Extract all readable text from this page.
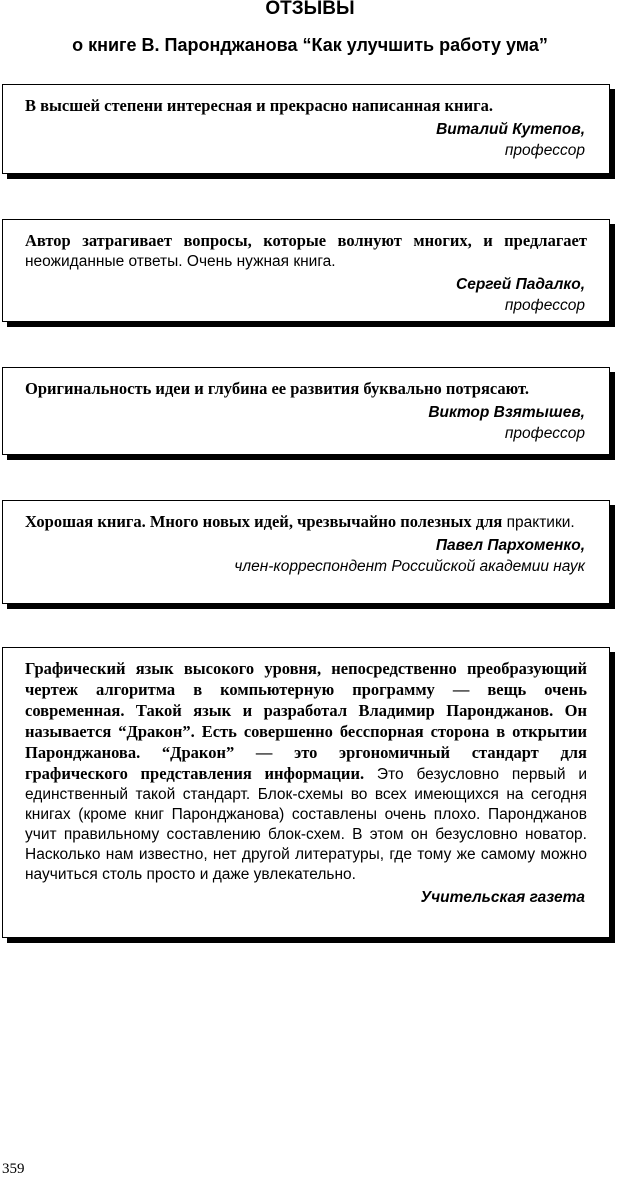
ОТЗЫВЫ
о книге В. Паронджанова “Как улучшить работу ума”

В высшей степени интересная и прекрасно написанная книга.

Виталий Кутепов,
профессор

Автор затрагивает вопросы, которые волнуют многих, и предлагает неожиданные ответы. Очень нужная книга.

Сергей Падалко,
профессор

Оригинальность идеи и глубина ее развития буквально потрясают.

Виктор Взятышев,
профессор

Хорошая книга. Много новых идей, чрезвычайно полезных для практики.

Павел Пархоменко,
член-корреспондент Российской академии наук

Графический язык высокого уровня, непосредственно преобразующий чертеж алгоритма в компьютерную программу — вещь очень современная. Такой язык и разработал Владимир Паронджанов. Он называется “Дракон”. Есть совершенно бесспорная сторона в открытии Паронджанова. “Дракон” — это эргономичный стандарт для графического представления информации. Это безусловно первый и единственный такой стандарт. Блок-схемы во всех имеющихся на сегодня книгах (кроме книг Паронджанова) составлены очень плохо. Паронджанов учит правильному составлению блок-схем. В этом он безусловно новатор. Насколько нам известно, нет другой литературы, где тому же самому можно научиться столь просто и даже увлекательно.

Учительская газета
359
